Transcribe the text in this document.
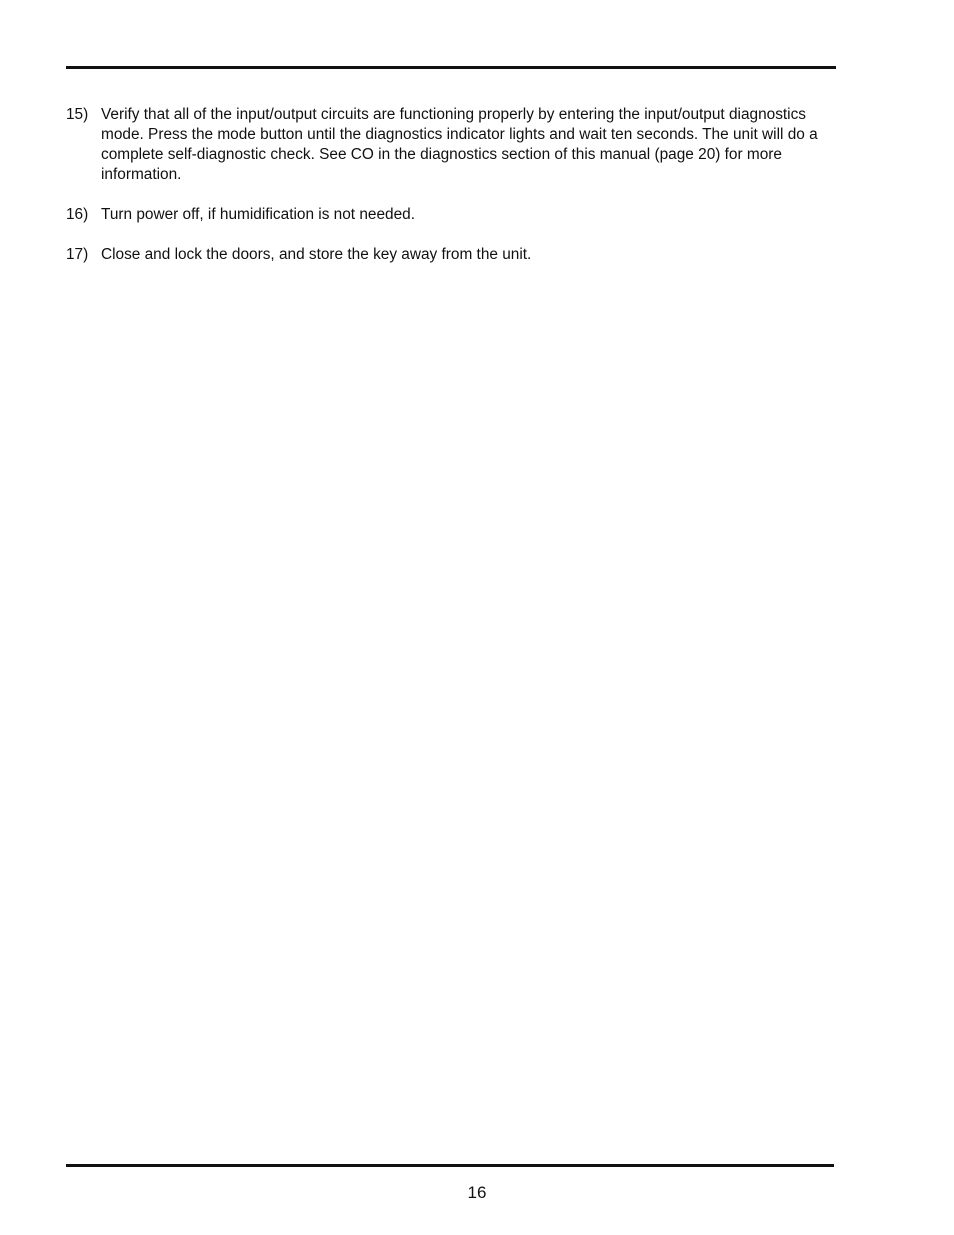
15) Verify that all of the input/output circuits are functioning properly by entering the input/output diagnostics mode. Press the mode button until the diagnostics indicator lights and wait ten seconds. The unit will do a complete self-diagnostic check. See CO in the diagnostics section of this manual (page 20) for more information.
16) Turn power off, if humidification is not needed.
17) Close and lock the doors, and store the key away from the unit.
16
